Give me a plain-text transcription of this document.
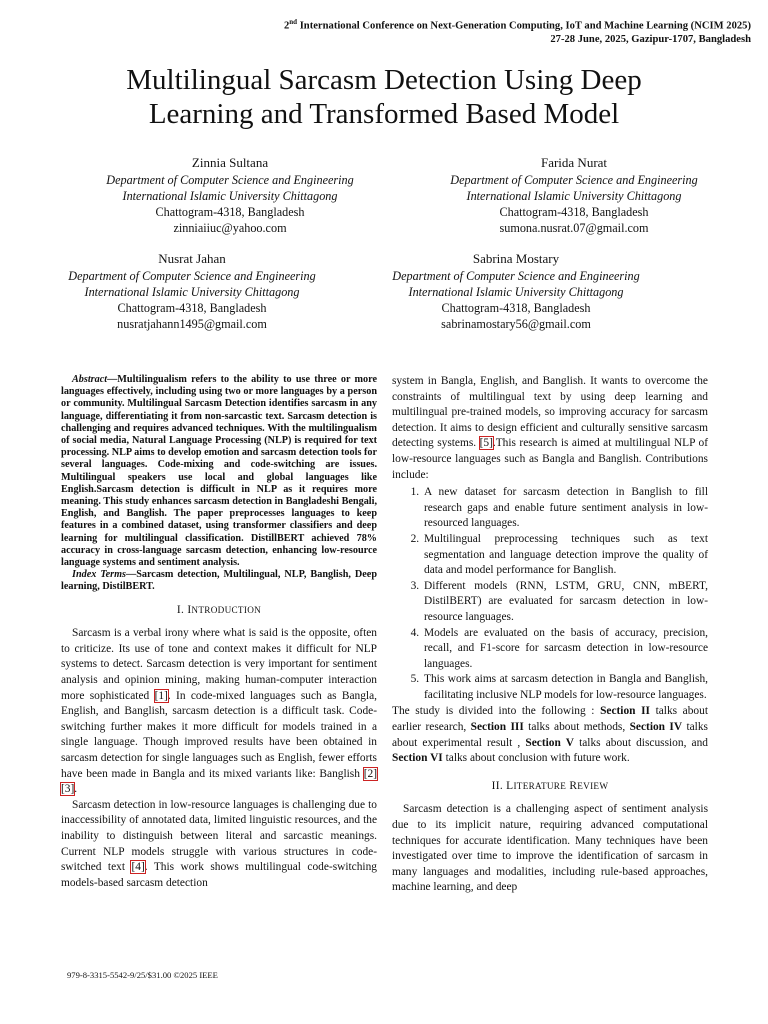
2nd International Conference on Next-Generation Computing, IoT and Machine Learning (NCIM 2025)
27-28 June, 2025, Gazipur-1707, Bangladesh
Multilingual Sarcasm Detection Using Deep
Learning and Transformed Based Model
Zinnia Sultana
Department of Computer Science and Engineering
International Islamic University Chittagong
Chattogram-4318, Bangladesh
zinniaiiuc@yahoo.com
Farida Nurat
Department of Computer Science and Engineering
International Islamic University Chittagong
Chattogram-4318, Bangladesh
sumona.nusrat.07@gmail.com
Nusrat Jahan
Department of Computer Science and Engineering
International Islamic University Chittagong
Chattogram-4318, Bangladesh
nusratjahann1495@gmail.com
Sabrina Mostary
Department of Computer Science and Engineering
International Islamic University Chittagong
Chattogram-4318, Bangladesh
sabrinamostary56@gmail.com

Abstract—Multilingualism refers to the ability to use three or more languages effectively, including using two or more languages by a person or community. Multilingual Sarcasm Detection identifies sarcasm in any language, differentiating it from non-sarcastic text. Sarcasm detection is challenging and requires advanced techniques. With the multilingualism of social media, Natural Language Processing (NLP) is required for text processing. NLP aims to develop emotion and sarcasm detection tools for several languages. Code-mixing and code-switching are issues. Multilingual speakers use local and global languages like English.Sarcasm detection is difficult in NLP as it requires more meaning. This study enhances sarcasm detection in Bangladeshi Bengali, English, and Banglish. The paper preprocesses languages to keep features in a combined dataset, using transformer classifiers and deep learning for multilingual classification. DistillBERT achieved 78% accuracy in cross-language sarcasm detection, enhancing low-resource language systems and sentiment analysis.

Index Terms—Sarcasm detection, Multilingual, NLP, Banglish, Deep learning, DistilBERT.

I. INTRODUCTION

Sarcasm is a verbal irony where what is said is the opposite, often to criticize. Its use of tone and context makes it difficult for NLP systems to detect. Sarcasm detection is very important for sentiment analysis and opinion mining, making human-computer interaction more sophisticated [1]. In code-mixed languages such as Bangla, English, and Banglish, sarcasm detection is a difficult task. Code-switching further makes it more difficult for models trained in a single language. Though improved results have been obtained in sarcasm detection for single languages such as English, fewer efforts have been made in Bangla and its mixed variants like: Banglish [2] [3].

Sarcasm detection in low-resource languages is challenging due to inaccessibility of annotated data, limited linguistic resources, and the inability to distinguish between literal and sarcastic meanings. Current NLP models struggle with various structures in code-switched text [4]. This work shows multilingual code-switching models-based sarcasm detection

system in Bangla, English, and Banglish. It wants to overcome the constraints of multilingual text by using deep learning and multilingual pre-trained models, so improving accuracy for sarcasm detection. It aims to design efficient and culturally sensitive sarcasm detecting systems. [5].This research is aimed at multilingual NLP of low-resource languages such as Bangla and Banglish. Contributions include:

1. A new dataset for sarcasm detection in Banglish to fill research gaps and enable future sentiment analysis in low-resourced languages.
2. Multilingual preprocessing techniques such as text segmentation and language detection improve the quality of data and model performance for Banglish.
3. Different models (RNN, LSTM, GRU, CNN, mBERT, DistilBERT) are evaluated for sarcasm detection in low-resource languages.
4. Models are evaluated on the basis of accuracy, precision, recall, and F1-score for sarcasm detection in low-resource languages.
5. This work aims at sarcasm detection in Bangla and Banglish, facilitating inclusive NLP models for low-resource languages.

The study is divided into the following : Section II talks about earlier research, Section III talks about methods, Section IV talks about experimental result , Section V talks about discussion, and Section VI talks about conclusion with future work.

II. LITERATURE REVIEW

Sarcasm detection is a challenging aspect of sentiment analysis due to its implicit nature, requiring advanced computational techniques for accurate identification. Many techniques have been investigated over time to improve the identification of sarcasm in many languages and modalities, including rule-based approaches, machine learning, and deep

979-8-3315-5542-9/25/$31.00 ©2025 IEEE
